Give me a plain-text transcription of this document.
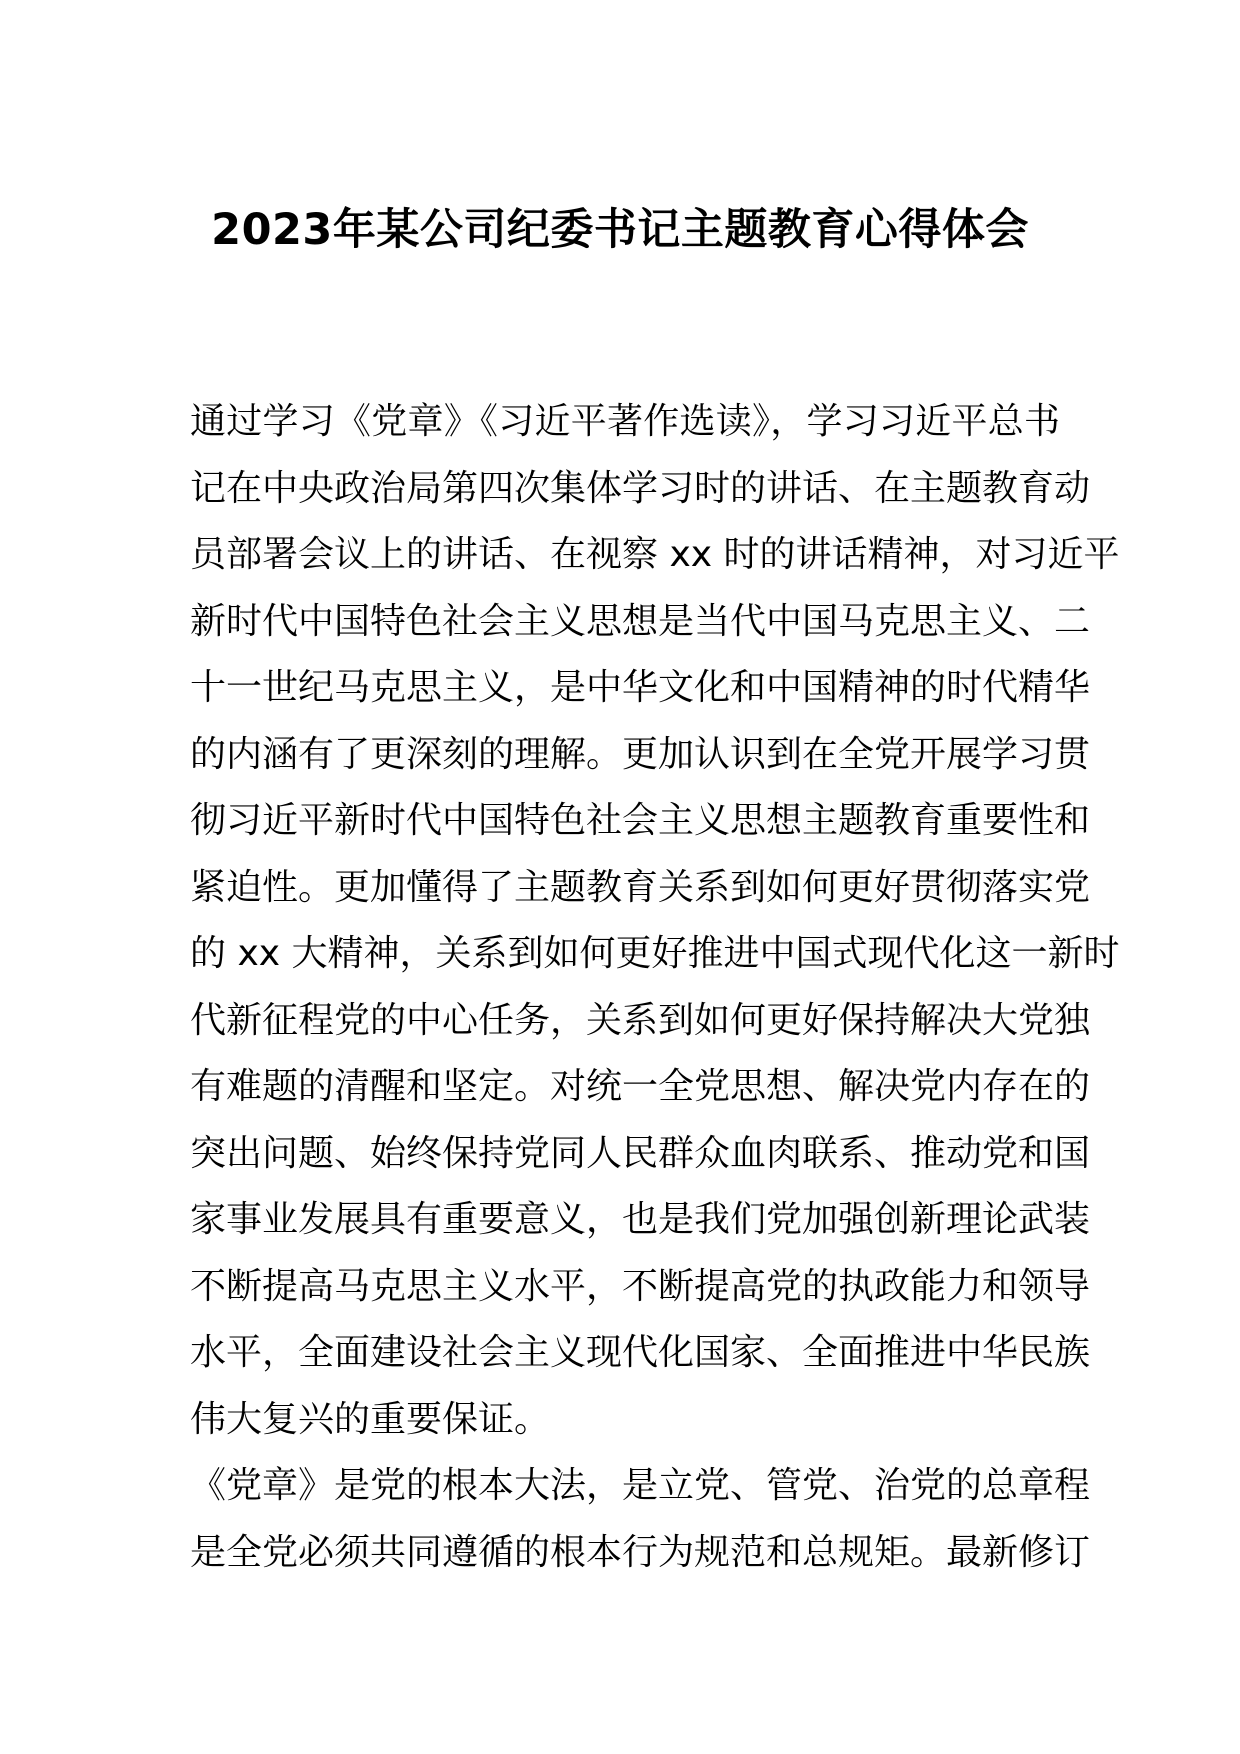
2023年某公司纪委书记主题教育心得体会
通过学习《党章》《习近平著作选读》，学习习近平总书
记在中央政治局第四次集体学习时的讲话、在主题教育动
员部署会议上的讲话、在视察 xx 时的讲话精神，对习近平
新时代中国特色社会主义思想是当代中国马克思主义、二
十一世纪马克思主义，是中华文化和中国精神的时代精华
的内涵有了更深刻的理解。更加认识到在全党开展学习贯
彻习近平新时代中国特色社会主义思想主题教育重要性和
紧迫性。更加懂得了主题教育关系到如何更好贯彻落实党
的 xx 大精神，关系到如何更好推进中国式现代化这一新时
代新征程党的中心任务，关系到如何更好保持解决大党独
有难题的清醒和坚定。对统一全党思想、解决党内存在的
突出问题、始终保持党同人民群众血肉联系、推动党和国
家事业发展具有重要意义，也是我们党加强创新理论武装
不断提高马克思主义水平，不断提高党的执政能力和领导
水平，全面建设社会主义现代化国家、全面推进中华民族
伟大复兴的重要保证。
《党章》是党的根本大法，是立党、管党、治党的总章程
是全党必须共同遵循的根本行为规范和总规矩。最新修订
